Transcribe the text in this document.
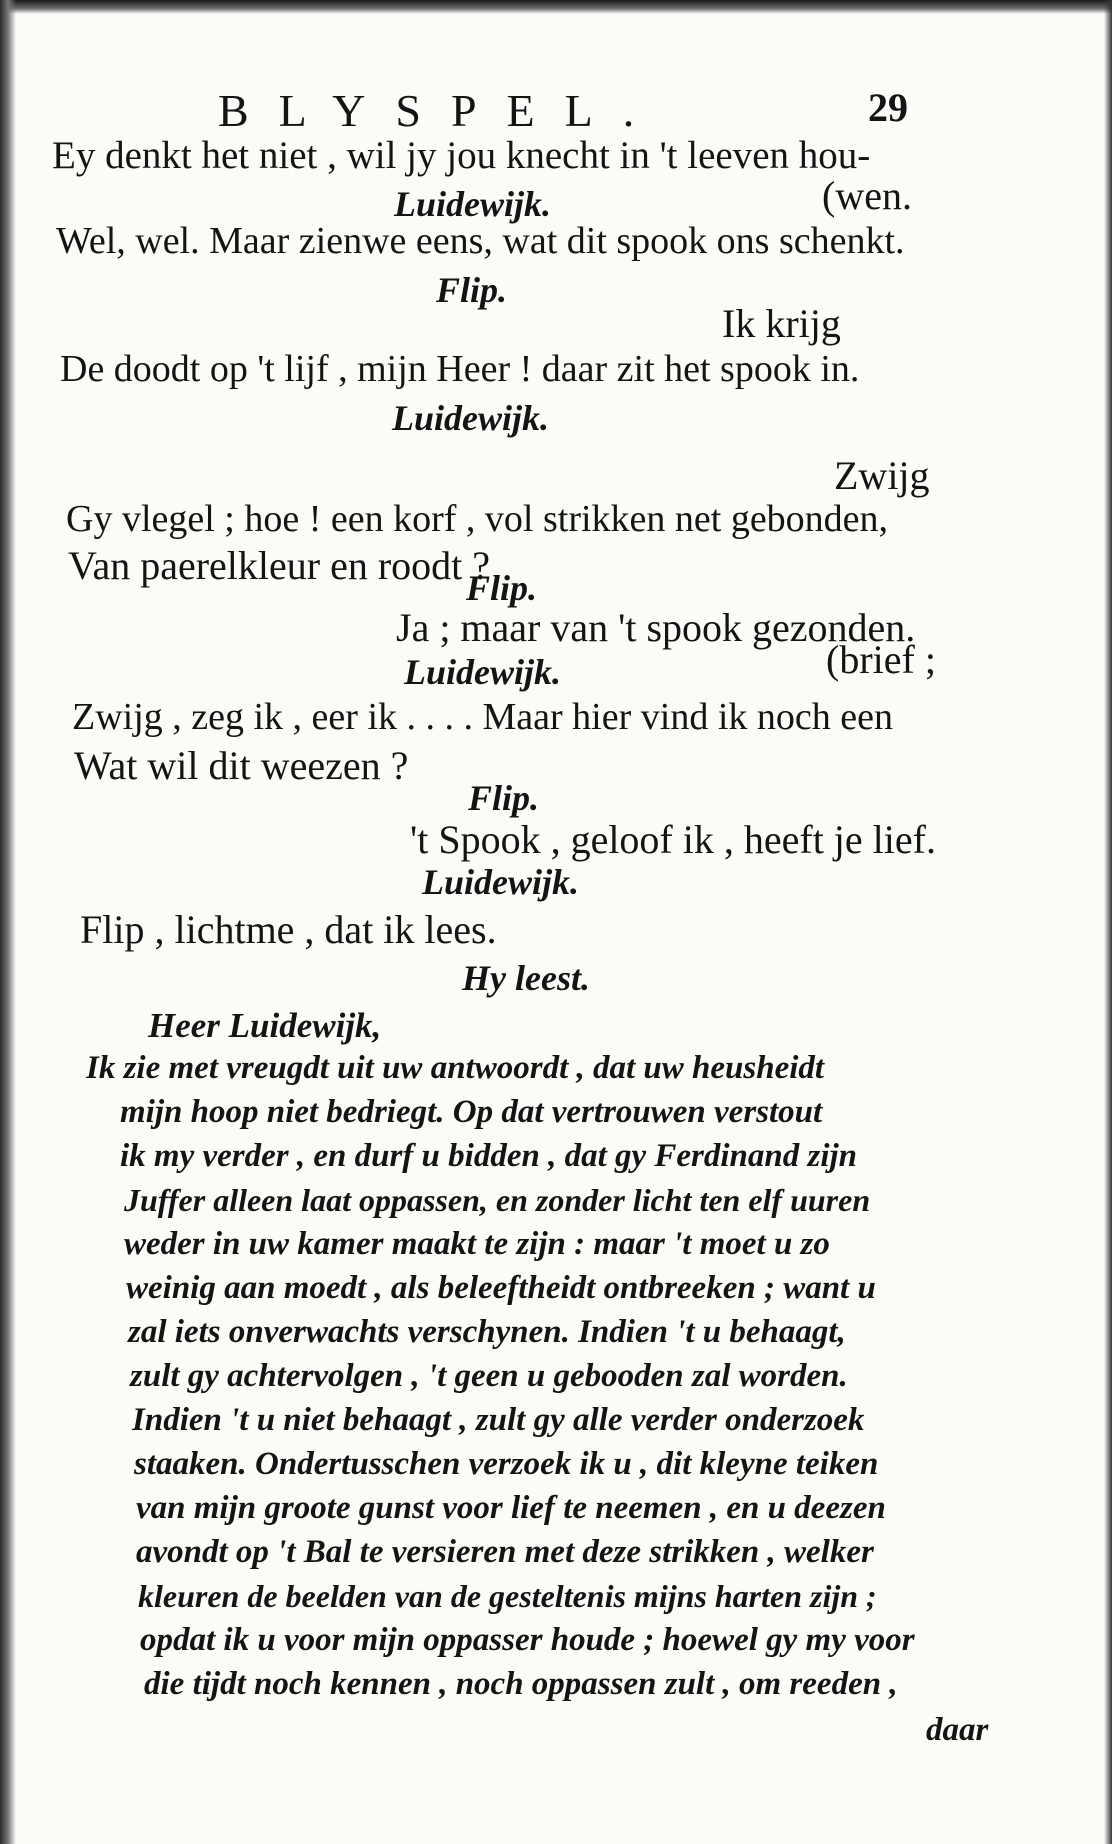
BLYSPEL.	29
Ey denkt het niet , wil jy jou knecht in 't leeven hou-
Luidewijk.	(wen.
Wel, wel. Maar zienwe eens, wat dit spook ons schenkt.
Flip.
Ik krijg
De doodt op 't lijf , mijn Heer ! daar zit het spook in.
Luidewijk.
Zwijg
Gy vlegel ; hoe ! een korf , vol strikken net gebonden,
Van paerelkleur en roodt ?
Flip.
Ja ; maar van 't spook gezonden.
Luidewijk.	(brief ;
Zwijg , zeg ik , eer ik . . . . Maar hier vind ik noch een
Wat wil dit weezen ?
Flip.
't Spook , geloof ik , heeft je lief.
Luidewijk.
Flip , lichtme , dat ik lees.
Hy leest.
Heer Luidewijk,
Ik zie met vreugdt uit uw antwoordt , dat uw heusheidt
mijn hoop niet bedriegt. Op dat vertrouwen verstout
ik my verder , en durf u bidden , dat gy Ferdinand zijn
Juffer alleen laat oppassen, en zonder licht ten elf uuren
weder in uw kamer maakt te zijn : maar 't moet u zo
weinig aan moedt , als beleeftheidt ontbreeken ; want u
zal iets onverwachts verschynen. Indien 't u behaagt,
zult gy achtervolgen , 't geen u gebooden zal worden.
Indien 't u niet behaagt , zult gy alle verder onderzoek
staaken. Ondertusschen verzoek ik u , dit kleyne teiken
van mijn groote gunst voor lief te neemen , en u deezen
avondt op 't Bal te versieren met deze strikken , welker
kleuren de beelden van de gesteltenis mijns harten zijn ;
opdat ik u voor mijn oppasser houde ; hoewel gy my voor
die tijdt noch kennen , noch oppassen zult , om reeden ,
daar
